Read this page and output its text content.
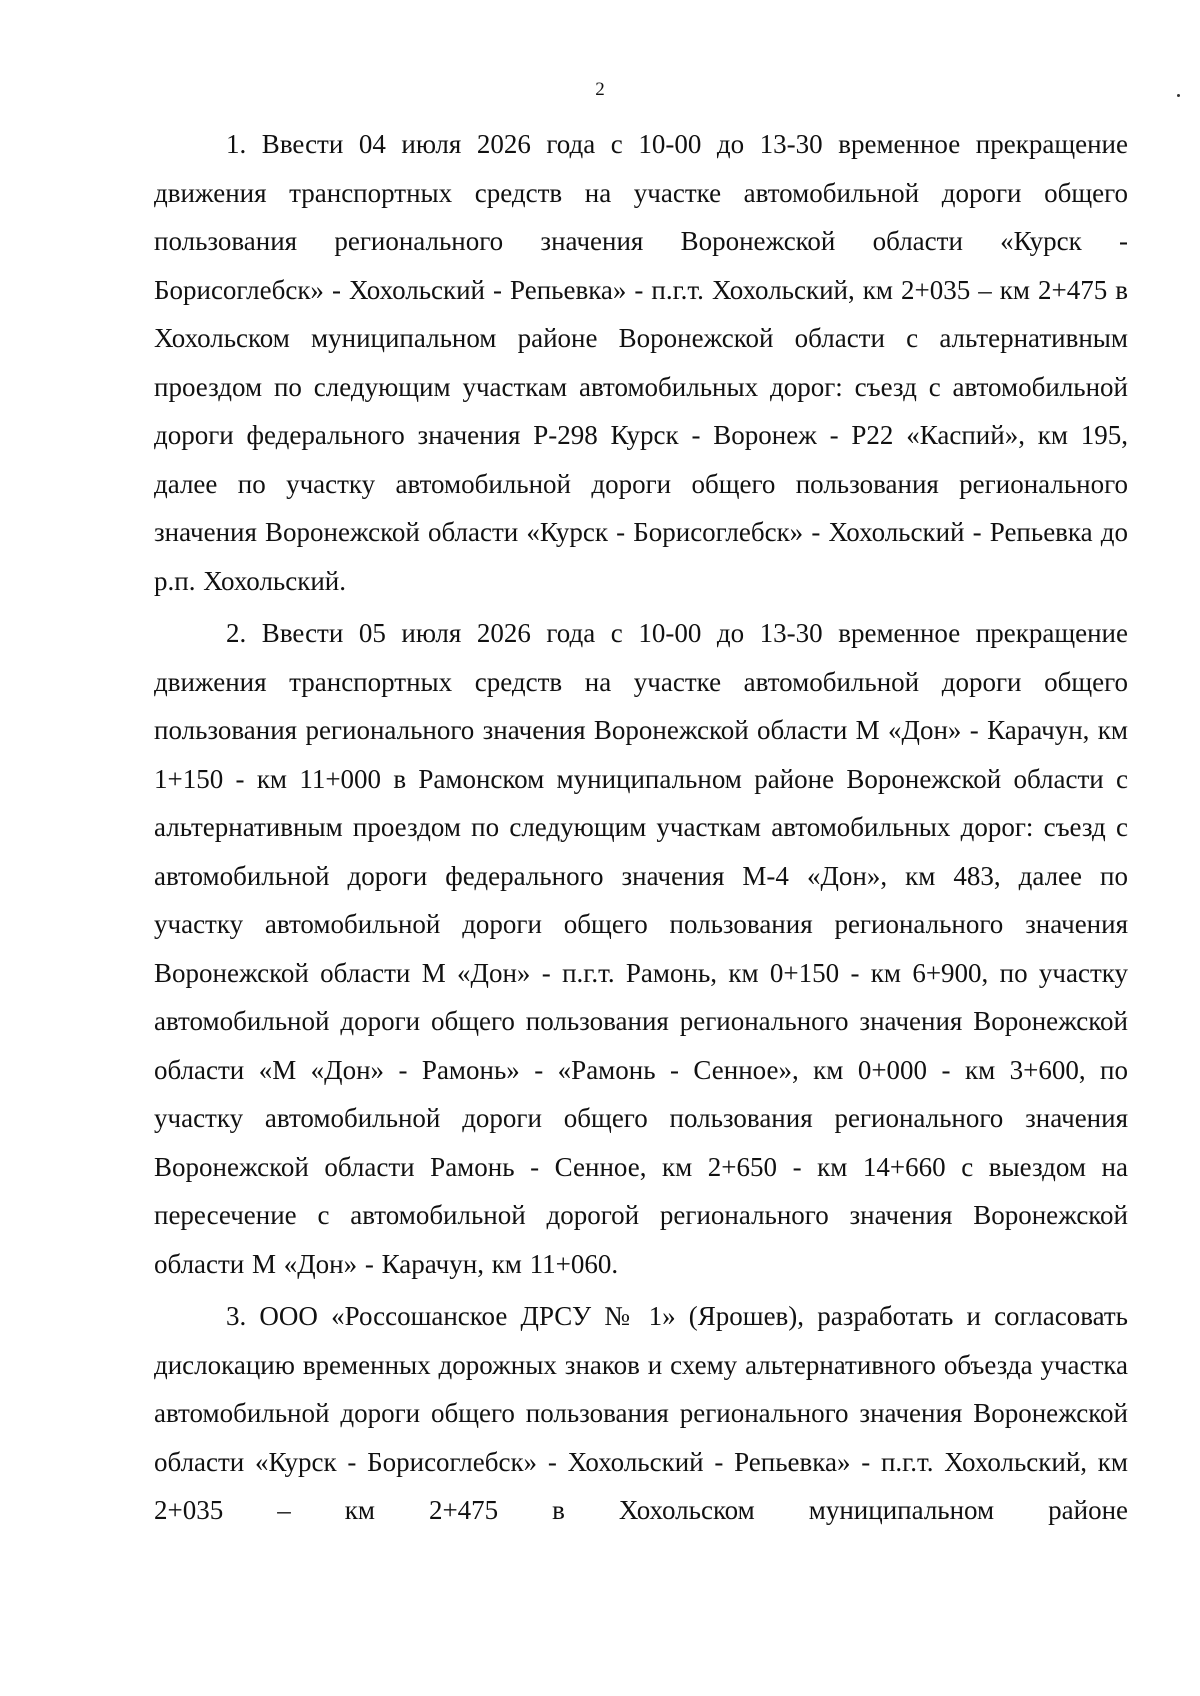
2

1. Ввести 04 июля 2026 года с 10-00 до 13-30 временное прекращение движения транспортных средств на участке автомобильной дороги общего пользования регионального значения Воронежской области «Курск - Борисоглебск» - Хохольский - Репьевка» - п.г.т. Хохольский, км 2+035 – км 2+475 в Хохольском муниципальном районе Воронежской области с альтернативным проездом по следующим участкам автомобильных дорог: съезд с автомобильной дороги федерального значения Р-298 Курск - Воронеж - Р22 «Каспий», км 195, далее по участку автомобильной дороги общего пользования регионального значения Воронежской области «Курск - Борисоглебск» - Хохольский - Репьевка до р.п. Хохольский.

2. Ввести 05 июля 2026 года с 10-00 до 13-30 временное прекращение движения транспортных средств на участке автомобильной дороги общего пользования регионального значения Воронежской области М «Дон» - Карачун, км 1+150 - км 11+000 в Рамонском муниципальном районе Воронежской области с альтернативным проездом по следующим участкам автомобильных дорог: съезд с автомобильной дороги федерального значения М-4 «Дон», км 483, далее по участку автомобильной дороги общего пользования регионального значения Воронежской области М «Дон» - п.г.т. Рамонь, км 0+150 - км 6+900, по участку автомобильной дороги общего пользования регионального значения Воронежской области «М «Дон» - Рамонь» - «Рамонь - Сенное», км 0+000 - км 3+600, по участку автомобильной дороги общего пользования регионального значения Воронежской области Рамонь - Сенное, км 2+650 - км 14+660 с выездом на пересечение с автомобильной дорогой регионального значения Воронежской области М «Дон» - Карачун, км 11+060.

3. ООО «Россошанское ДРСУ № 1» (Ярошев), разработать и согласовать дислокацию временных дорожных знаков и схему альтернативного объезда участка автомобильной дороги общего пользования регионального значения Воронежской области «Курск - Борисоглебск» - Хохольский - Репьевка» - п.г.т. Хохольский, км 2+035 – км 2+475 в Хохольском муниципальном районе
